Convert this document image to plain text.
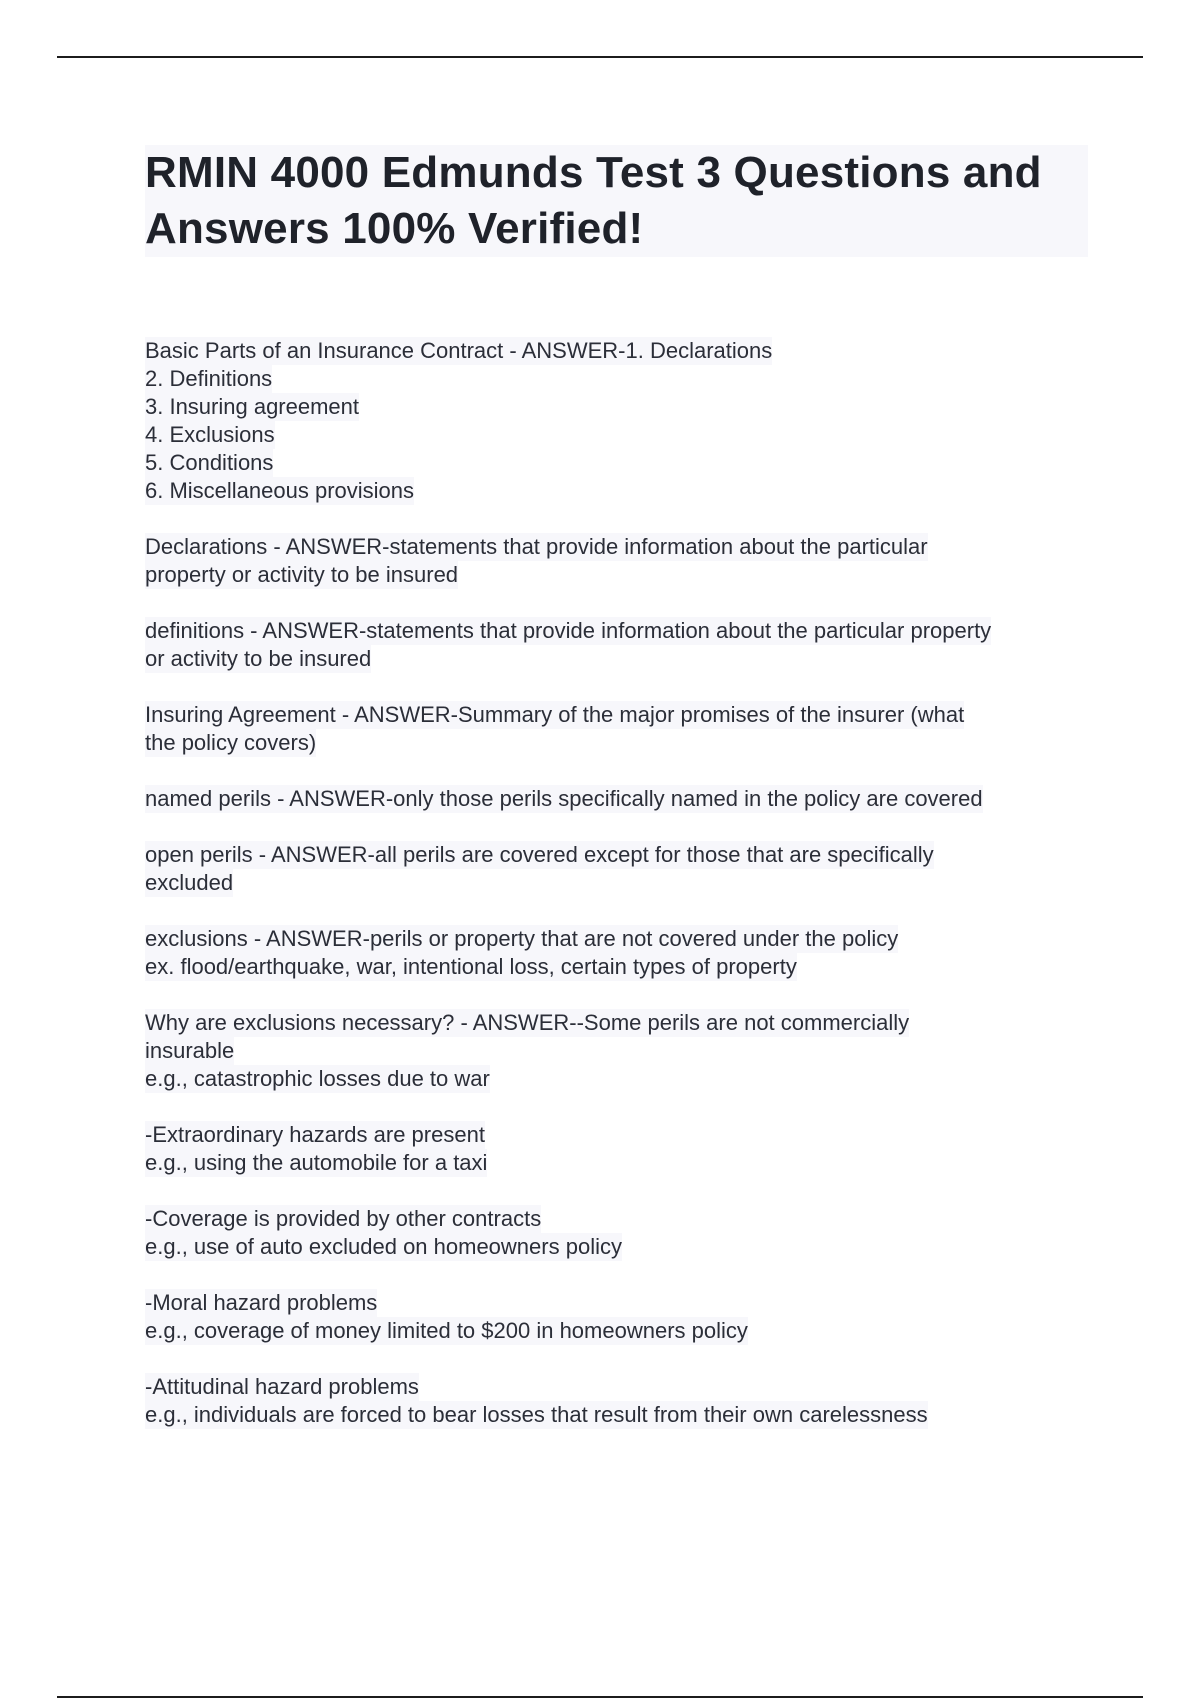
RMIN 4000 Edmunds Test 3 Questions and Answers 100% Verified!
Basic Parts of an Insurance Contract - ANSWER-1. Declarations
2. Definitions
3. Insuring agreement
4. Exclusions
5. Conditions
6. Miscellaneous provisions
Declarations - ANSWER-statements that provide information about the particular
property or activity to be insured
definitions - ANSWER-statements that provide information about the particular property
or activity to be insured
Insuring Agreement - ANSWER-Summary of the major promises of the insurer (what
the policy covers)
named perils - ANSWER-only those perils specifically named in the policy are covered
open perils - ANSWER-all perils are covered except for those that are specifically
excluded
exclusions - ANSWER-perils or property that are not covered under the policy
ex. flood/earthquake, war, intentional loss, certain types of property
Why are exclusions necessary? - ANSWER--Some perils are not commercially
insurable
e.g., catastrophic losses due to war
-Extraordinary hazards are present
e.g., using the automobile for a taxi
-Coverage is provided by other contracts
e.g., use of auto excluded on homeowners policy
-Moral hazard problems
e.g., coverage of money limited to $200 in homeowners policy
-Attitudinal hazard problems
e.g., individuals are forced to bear losses that result from their own carelessness
